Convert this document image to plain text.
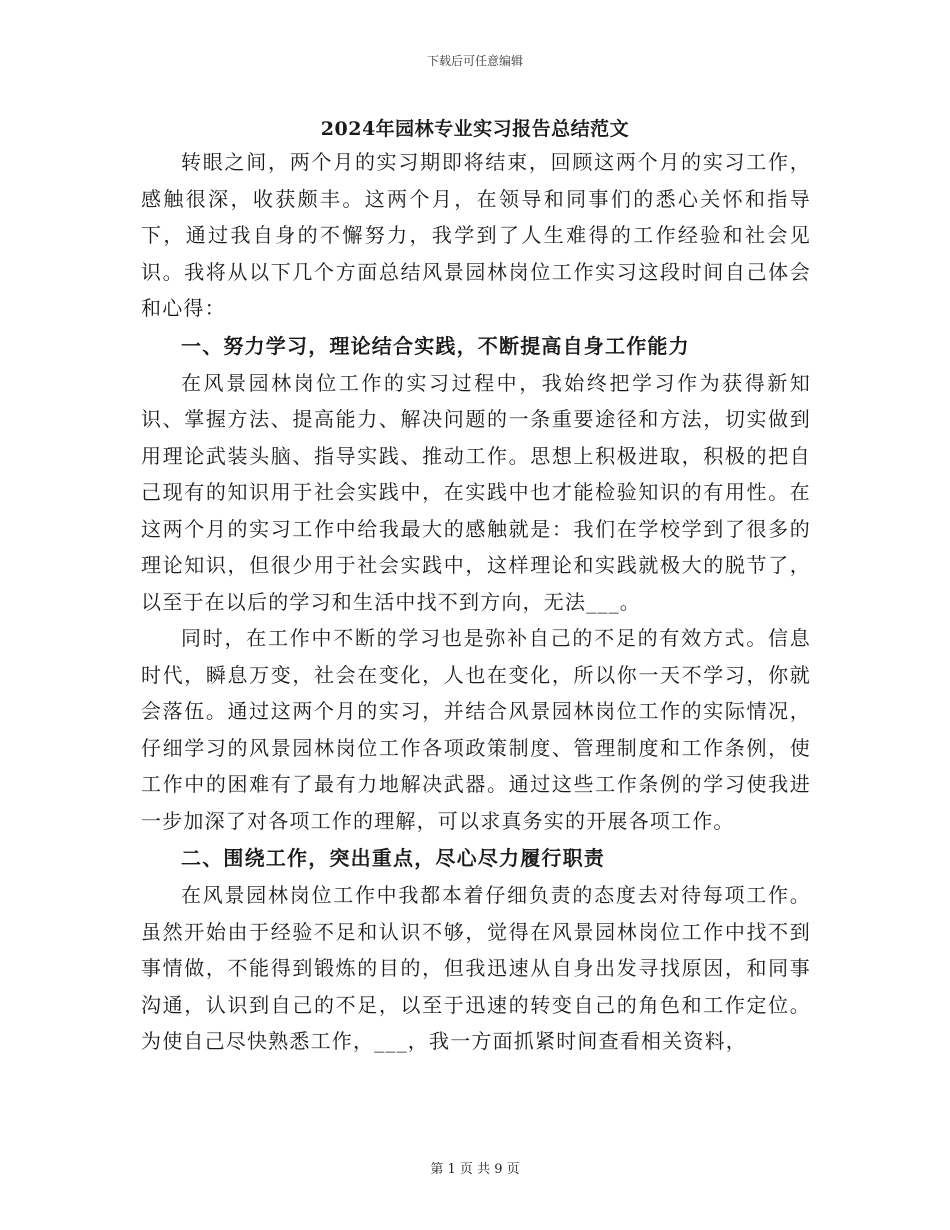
下载后可任意编辑
2024年园林专业实习报告总结范文

转眼之间，两个月的实习期即将结束，回顾这两个月的实习工作，感触很深，收获颇丰。这两个月，在领导和同事们的悉心关怀和指导下，通过我自身的不懈努力，我学到了人生难得的工作经验和社会见识。我将从以下几个方面总结风景园林岗位工作实习这段时间自己体会和心得：

一、努力学习，理论结合实践，不断提高自身工作能力

在风景园林岗位工作的实习过程中，我始终把学习作为获得新知识、掌握方法、提高能力、解决问题的一条重要途径和方法，切实做到用理论武装头脑、指导实践、推动工作。思想上积极进取，积极的把自己现有的知识用于社会实践中，在实践中也才能检验知识的有用性。在这两个月的实习工作中给我最大的感触就是：我们在学校学到了很多的理论知识，但很少用于社会实践中，这样理论和实践就极大的脱节了，以至于在以后的学习和生活中找不到方向，无法___。

同时，在工作中不断的学习也是弥补自己的不足的有效方式。信息时代，瞬息万变，社会在变化，人也在变化，所以你一天不学习，你就会落伍。通过这两个月的实习，并结合风景园林岗位工作的实际情况，仔细学习的风景园林岗位工作各项政策制度、管理制度和工作条例，使工作中的困难有了最有力地解决武器。通过这些工作条例的学习使我进一步加深了对各项工作的理解，可以求真务实的开展各项工作。

二、围绕工作，突出重点，尽心尽力履行职责

在风景园林岗位工作中我都本着仔细负责的态度去对待每项工作。虽然开始由于经验不足和认识不够，觉得在风景园林岗位工作中找不到事情做，不能得到锻炼的目的，但我迅速从自身出发寻找原因，和同事沟通，认识到自己的不足，以至于迅速的转变自己的角色和工作定位。为使自己尽快熟悉工作，___，我一方面抓紧时间查看相关资料，

第 1 页 共 9 页
